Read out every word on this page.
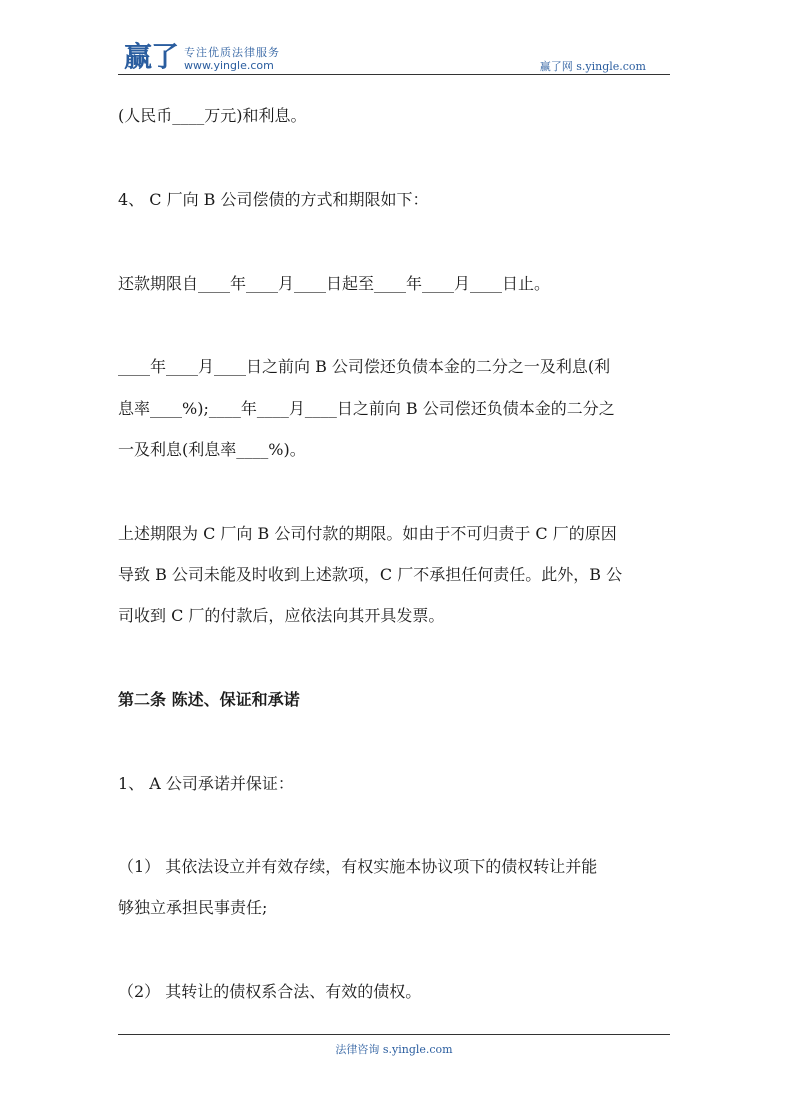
赢了 专注优质法律服务
www.yingle.com	赢了网 s.yingle.com
(人民币____万元)和利息。
4、 C 厂向 B 公司偿债的方式和期限如下：
还款期限自____年____月____日起至____年____月____日止。
____年____月____日之前向 B 公司偿还负债本金的二分之一及利息(利
息率____%);____年____月____日之前向 B 公司偿还负债本金的二分之
一及利息(利息率____%)。
上述期限为 C 厂向 B 公司付款的期限。如由于不可归责于 C 厂的原因
导致 B 公司未能及时收到上述款项，C 厂不承担任何责任。此外，B 公
司收到 C 厂的付款后，应依法向其开具发票。
第二条 陈述、保证和承诺
1、 A 公司承诺并保证：
（1） 其依法设立并有效存续，有权实施本协议项下的债权转让并能
够独立承担民事责任;
（2） 其转让的债权系合法、有效的债权。
法律咨询 s.yingle.com
